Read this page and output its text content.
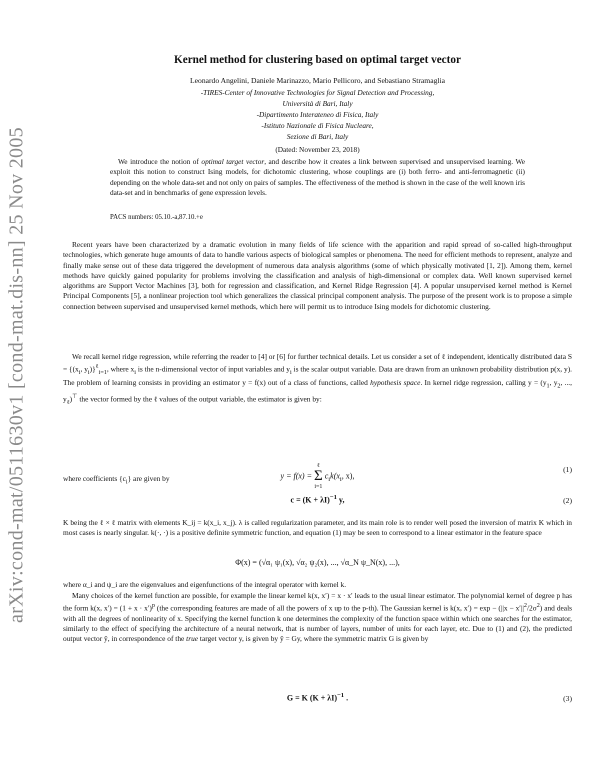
arXiv:cond-mat/0511630v1 [cond-mat.dis-nn] 25 Nov 2005
Kernel method for clustering based on optimal target vector
Leonardo Angelini, Daniele Marinazzo, Mario Pellicoro, and Sebastiano Stramaglia
-TIRES-Center of Innovative Technologies for Signal Detection and Processing,
Università di Bari, Italy
-Dipartimento Interateneo di Fisica, Italy
-Istituto Nazionale di Fisica Nucleare,
Sezione di Bari, Italy
(Dated: November 23, 2018)
We introduce the notion of optimal target vector, and describe how it creates a link between supervised and unsupervised learning. We exploit this notion to construct Ising models, for dichotomic clustering, whose couplings are (i) both ferro- and anti-ferromagnetic (ii) depending on the whole data-set and not only on pairs of samples. The effectiveness of the method is shown in the case of the well known iris data-set and in benchmarks of gene expression levels.
PACS numbers: 05.10.-a,87.10.+e
Recent years have been characterized by a dramatic evolution in many fields of life science with the apparition and rapid spread of so-called high-throughput technologies, which generate huge amounts of data to handle various aspects of biological samples or phenomena. The need for efficient methods to represent, analyze and finally make sense out of these data triggered the development of numerous data analysis algorithms (some of which physically motivated [1, 2]). Among them, kernel methods have quickly gained popularity for problems involving the classification and analysis of high-dimensional or complex data. Well known supervised kernel algorithms are Support Vector Machines [3], both for regression and classification, and Kernel Ridge Regression [4]. A popular unsupervised kernel method is Kernel Principal Components [5], a nonlinear projection tool which generalizes the classical principal component analysis. The purpose of the present work is to propose a simple connection between supervised and unsupervised kernel methods, which here will permit us to introduce Ising models for dichotomic clustering.
We recall kernel ridge regression, while referring the reader to [4] or [6] for further technical details. Let us consider a set of ℓ independent, identically distributed data $S = \{(x_i$, $y_i)\}^\ell_{i=1}$, where $x_i$ is the n-dimensional vector of input variables and $y_i$ is the scalar output variable. Data are drawn from an unknown probability distribution p(x, y). The problem of learning consists in providing an estimator y = f(x) out of a class of functions, called hypothesis space. In kernel ridge regression, calling $y = (y_1$, $y_2$, ..., $y_\ell)^⊤$ the vector formed by the ℓ values of the output variable, the estimator is given by:
y = f(x) =
ℓ
Σ
i=1
$c_ik(x_i$, x),
(1)
where coefficients $\{c_i\}$ are given by
$c = (K + \lambda I)^{-1}$ y,	(2)
K being the ℓ × ℓ matrix with elements K_ij = k(x_i, x_j). λ is called regularization parameter, and its main role is to render well posed the inversion of matrix K which in most cases is nearly singular. k(·, ·) is a positive definite symmetric function, and equation (1) may be seen to correspond to a linear estimator in the feature space
Φ(x) = (√α₁ ψ₁(x), √α₂ ψ₂(x), ..., √α_N ψ_N(x), ...),
where α_i and ψ_i are the eigenvalues and eigenfunctions of the integral operator with kernel k.
Many choices of the kernel function are possible, for example the linear kernel k(x, x′) = x · x′ leads to the usual linear estimator. The polynomial kernel of degree p has the form k(x, $x') = (1 + x \cdot x')^p$ (the corresponding features are made of all the powers of x up to the p-th). The Gaussian kernel is k(x, $x') = \exp - (||x - x'||^2/2\sigma^2)$ and deals with all the degrees of nonlinearity of x. Specifying the kernel function k one determines the complexity of the function space within which one searches for the estimator, similarly to the effect of specifying the architecture of a neural network, that is number of layers, number of units for each layer, etc. Due to (1) and (2), the predicted output vector ŷ, in correspondence of the true target vector y, is given by ŷ = Gy, where the symmetric matrix G is given by
G = K $(K + \lambda I)^{-1}$ .	(3)
